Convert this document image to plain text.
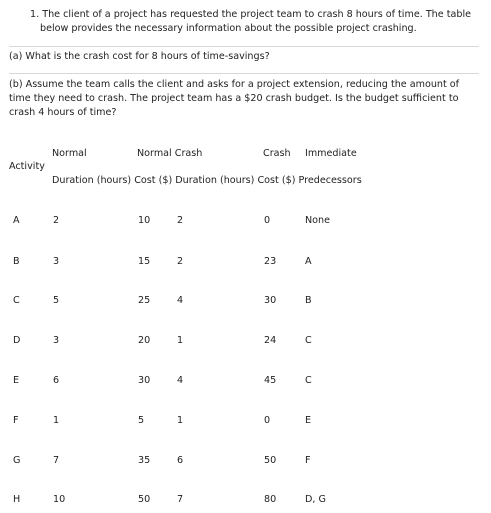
1. The client of a project has requested the project team to crash 8 hours of time. The table
below provides the necessary information about the possible project crashing.
(a) What is the crash cost for 8 hours of time-savings?
(b) Assume the team calls the client and asks for a project extension, reducing the amount of
time they need to crash. The project team has a $20 crash budget. Is the budget sufficient to
crash 4 hours of time?
Normal	Normal Crash	Crash Immediate
Activity
Duration (hours) Cost ($) Duration (hours) Cost ($) Predecessors
A	2	10	2	0	None
B	3	15	2	23	A
C	5	25	4	30	B
D	3	20	1	24	C
E	6	30	4	45	C
F	1	5	1	0	E
G	7	35	6	50	F
H	10	50	7	80	D, G
